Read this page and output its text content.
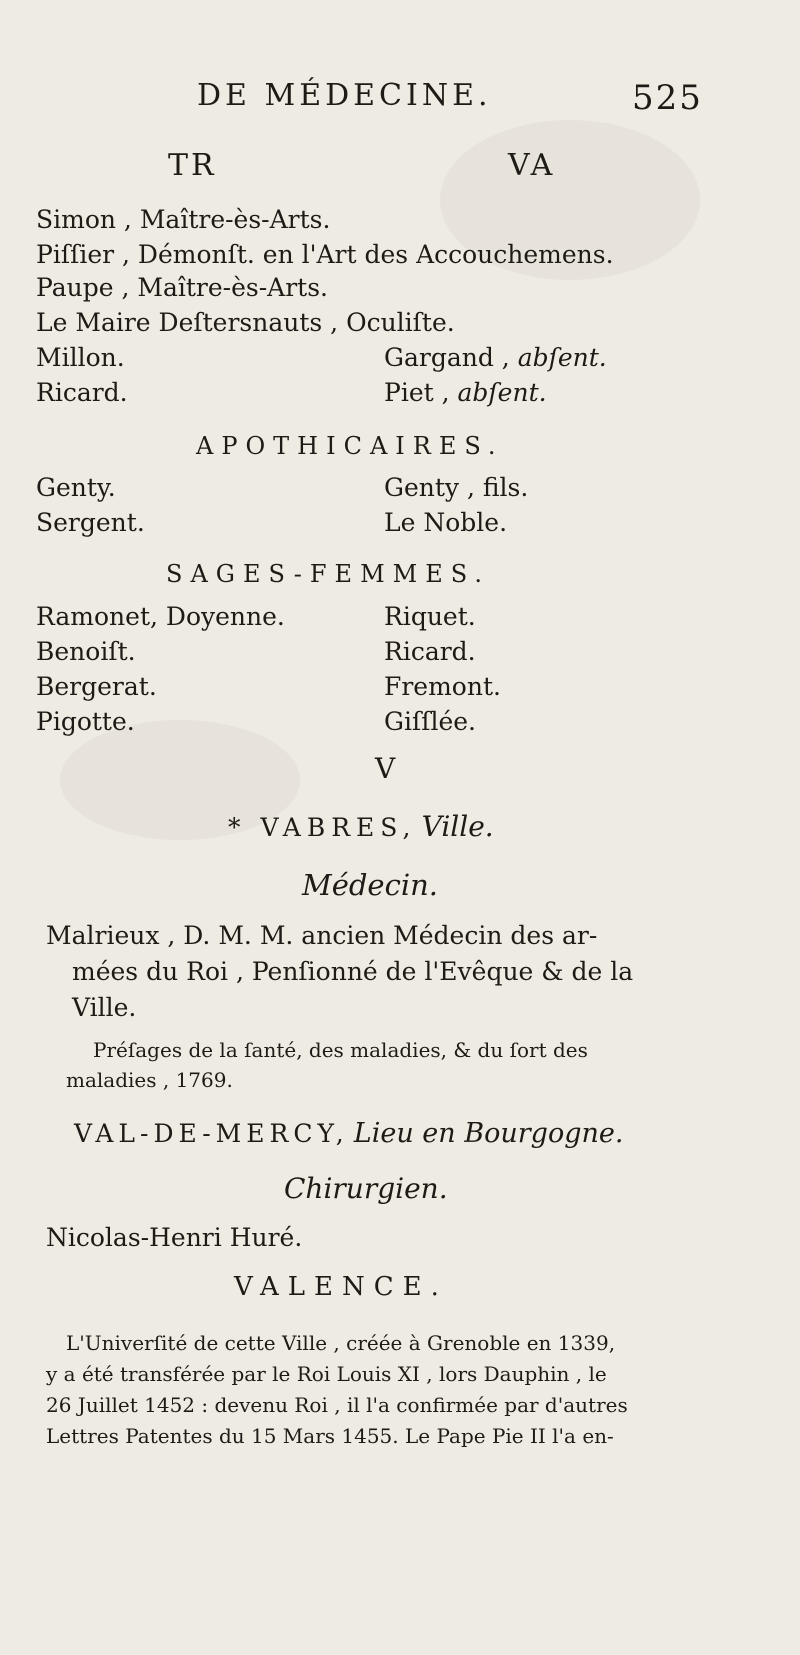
DE MÉDECINE.	525
TR	VA
Simon , Maître-ès-Arts.
Piſſier , Démonſt. en l'Art des Accouchemens.
Paupe , Maître-ès-Arts.
Le Maire Deſtersnauts , Oculiſte.
Millon.	Gargand , abſent.
Ricard.	Piet , abſent.
APOTHICAIRES.
Genty.	Genty , fils.
Sergent.	Le Noble.
SAGES-FEMMES.
Ramonet, Doyenne.	Riquet.
Benoiſt.	Ricard.
Bergerat.	Fremont.
Pigotte.	Giſſlée.
V
* VABRES, Ville.
Médecin.
Malrieux , D. M. M. ancien Médecin des ar-
mées du Roi , Penſionné de l'Evêque & de la
Ville.
Préſages de la ſanté, des maladies, & du ſort des
maladies , 1769.
VAL-DE-MERCY, Lieu en Bourgogne.
Chirurgien.
Nicolas-Henri Huré.
VALENCE.
L'Univerſité de cette Ville , créée à Grenoble en 1339,
y a été transférée par le Roi Louis XI , lors Dauphin , le
26 Juillet 1452 : devenu Roi , il l'a confirmée par d'autres
Lettres Patentes du 15 Mars 1455. Le Pape Pie II l'a en-
